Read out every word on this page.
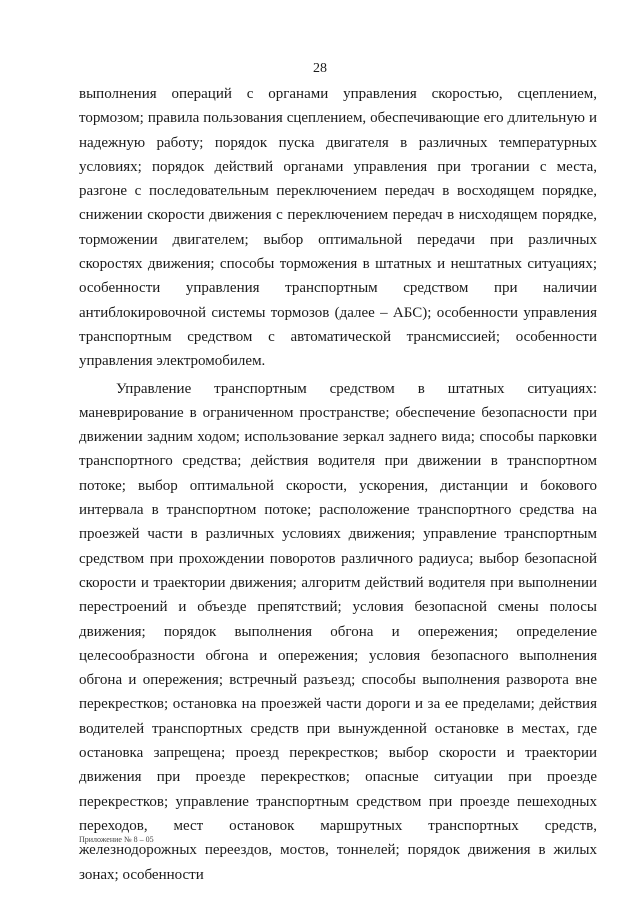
28

выполнения операций с органами управления скоростью, сцеплением, тормозом; правила пользования сцеплением, обеспечивающие его длительную и надежную работу; порядок пуска двигателя в различных температурных условиях; порядок действий органами управления при трогании с места, разгоне с последовательным переключением передач в восходящем порядке, снижении скорости движения с переключением передач в нисходящем порядке, торможении двигателем; выбор оптимальной передачи при различных скоростях движения; способы торможения в штатных и нештатных ситуациях; особенности управления транспортным средством при наличии антиблокировочной системы тормозов (далее – АБС); особенности управления транспортным средством с автоматической трансмиссией; особенности управления электромобилем.

Управление транспортным средством в штатных ситуациях: маневрирование в ограниченном пространстве; обеспечение безопасности при движении задним ходом; использование зеркал заднего вида; способы парковки транспортного средства; действия водителя при движении в транспортном потоке; выбор оптимальной скорости, ускорения, дистанции и бокового интервала в транспортном потоке; расположение транспортного средства на проезжей части в различных условиях движения; управление транспортным средством при прохождении поворотов различного радиуса; выбор безопасной скорости и траектории движения; алгоритм действий водителя при выполнении перестроений и объезде препятствий; условия безопасной смены полосы движения; порядок выполнения обгона и опережения; определение целесообразности обгона и опережения; условия безопасного выполнения обгона и опережения; встречный разъезд; способы выполнения разворота вне перекрестков; остановка на проезжей части дороги и за ее пределами; действия водителей транспортных средств при вынужденной остановке в местах, где остановка запрещена; проезд перекрестков; выбор скорости и траектории движения при проезде перекрестков; опасные ситуации при проезде перекрестков; управление транспортным средством при проезде пешеходных переходов, мест остановок маршрутных транспортных средств, железнодорожных переездов, мостов, тоннелей; порядок движения в жилых зонах; особенности

Приложение № 8 – 05
